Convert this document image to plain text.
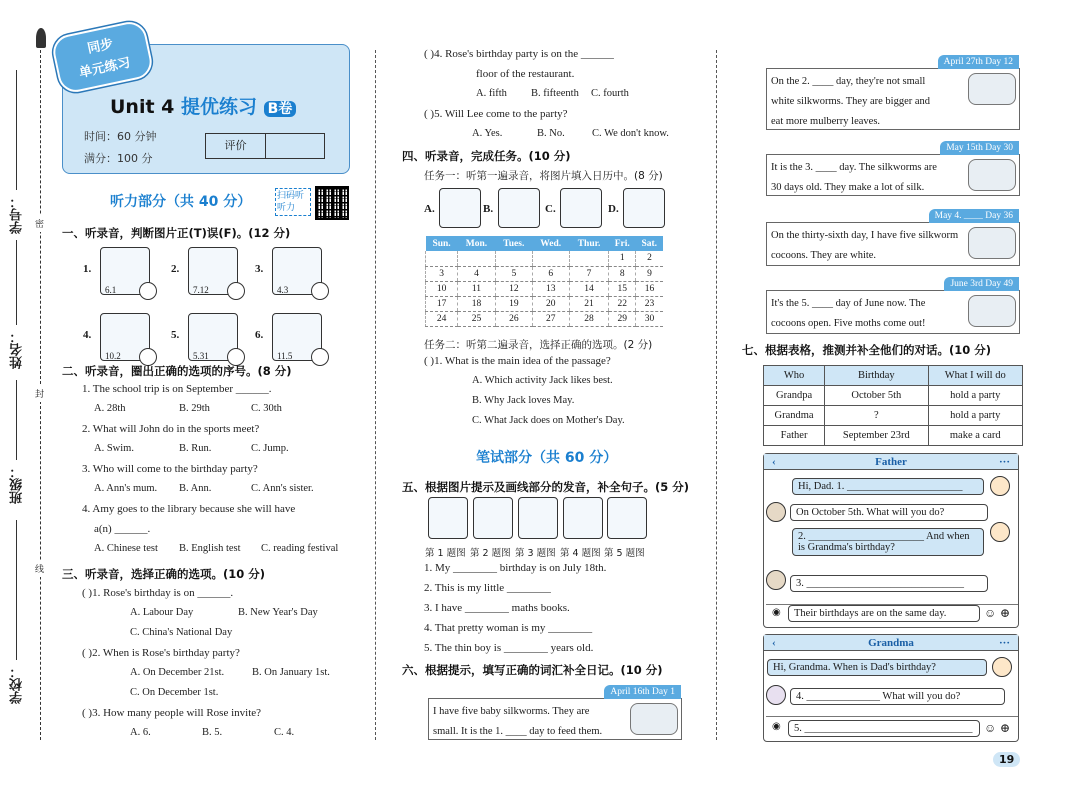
学号：
姓名：
班级：
学校：
密
封
线
同步
单元练习
Unit 4 提优练习 B卷
时间：60 分钟
满分：100 分
评价
听力部分（共 40 分）	扫码听听力
一、听录音，判断图片正(T)误(F)。(12 分)
1.
6.1
2.
7.12
3.
4.3
4.
10.2
5.
5.31
6.
11.5
二、听录音，圈出正确的选项的序号。(8 分)
1. The school trip is on September ______.
A. 28th	B. 29th	C. 30th
2. What will John do in the sports meet?
A. Swim.	B. Run.	C. Jump.
3. Who will come to the birthday party?
A. Ann's mum.	B. Ann.	C. Ann's sister.
4. Amy goes to the library because she will have
a(n) ______.
A. Chinese test	B. English test	C. reading festival
三、听录音，选择正确的选项。(10 分)
( )1. Rose's birthday is on ______.
A. Labour Day	B. New Year's Day
C. China's National Day
( )2. When is Rose's birthday party?
A. On December 21st.	B. On January 1st.
C. On December 1st.
( )3. How many people will Rose invite?
A. 6.	B. 5.	C. 4.
( )4. Rose's birthday party is on the ______
floor of the restaurant.
A. fifth	B. fifteenth	C. fourth
( )5. Will Lee come to the party?
A. Yes.	B. No.	C. We don't know.
四、听录音，完成任务。(10 分)
任务一：听第一遍录音，将图片填入日历中。(8 分)
A.	B.	C.	D.
Sun.	Mon.	Tues.	Wed.	Thur.	Fri.	Sat.
					1	2
3	4	5	6	7	8	9
10	11	12	13	14	15	16
17	18	19	20	21	22	23
24	25	26	27	28	29	30
任务二：听第二遍录音，选择正确的选项。(2 分)
( )1. What is the main idea of the passage?
A. Which activity Jack likes best.
B. Why Jack loves May.
C. What Jack does on Mother's Day.
笔试部分（共 60 分）
五、根据图片提示及画线部分的发音，补全句子。(5 分)
第 1 题图 第 2 题图 第 3 题图 第 4 题图 第 5 题图
1. My ________ birthday is on July 18th.
2. This is my little ________
3. I have ________ maths books.
4. That pretty woman is my ________
5. The thin boy is ________ years old.
六、根据提示，填写正确的词汇补全日记。(10 分)
April 16th Day 1
I have five baby silkworms. They are
small. It is the 1. ____ day to feed them.
April 27th Day 12
On the 2. ____ day, they're not small
white silkworms. They are bigger and
eat more mulberry leaves.
May 15th Day 30
It is the 3. ____ day. The silkworms are
30 days old. They make a lot of silk.
May 4. ____ Day 36
On the thirty-sixth day, I have five silkworm
cocoons. They are white.
June 3rd Day 49
It's the 5. ____ day of June now. The
cocoons open. Five moths come out!
七、根据表格，推测并补全他们的对话。(10 分)
Who	Birthday	What I will do
Grandpa	October 5th	hold a party
Grandma	?	hold a party
Father	September 23rd	make a card
‹	Father	···
Hi, Dad. 1. ______________________
On October 5th. What will you do?
2. ______________________ And when
is Grandma's birthday?
3. ______________________________
◉	Their birthdays are on the same day.	☺ ⊕
‹	Grandma	···
Hi, Grandma. When is Dad's birthday?
4. ______________ What will you do?
◉	5. ________________________________ ☺ ⊕
19
